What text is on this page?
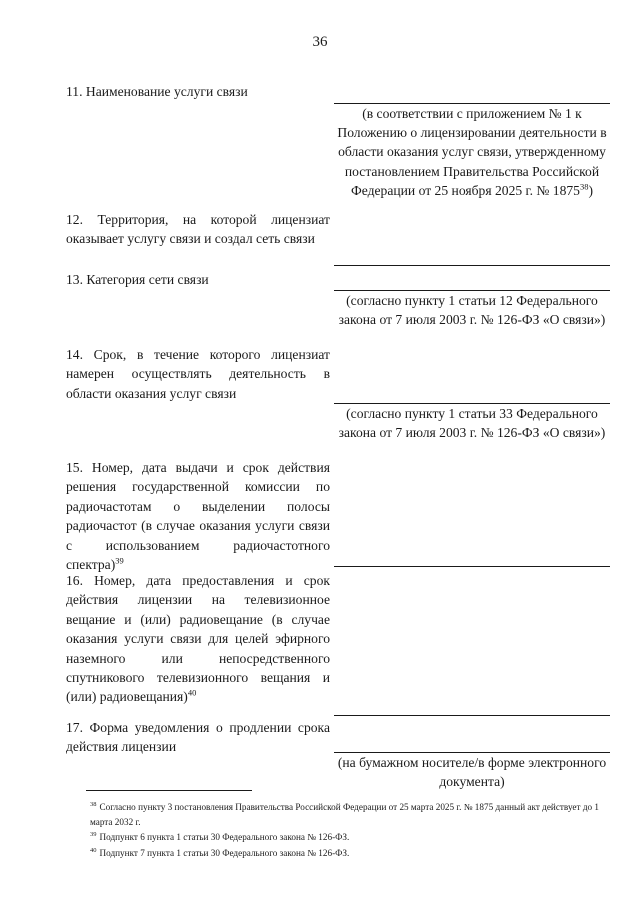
36
11. Наименование услуги связи
(в соответствии с приложением № 1 к Положению о лицензировании деятельности в области оказания услуг связи, утвержденному постановлением Правительства Российской Федерации от 25 ноября 2025 г. № 1875$^{38}$)
12. Территория, на которой лицензиат оказывает услугу связи и создал сеть связи
13. Категория сети связи
(согласно пункту 1 статьи 12 Федерального закона от 7 июля 2003 г. № 126-ФЗ «О связи»)
14. Срок, в течение которого лицензиат намерен осуществлять деятельность в области оказания услуг связи
(согласно пункту 1 статьи 33 Федерального закона от 7 июля 2003 г. № 126-ФЗ «О связи»)
15. Номер, дата выдачи и срок действия решения государственной комиссии по радиочастотам о выделении полосы радиочастот (в случае оказания услуги связи с использованием радиочастотного спектра)$^{39}$
16. Номер, дата предоставления и срок действия лицензии на телевизионное вещание и (или) радиовещание (в случае оказания услуги связи для целей эфирного наземного или непосредственного спутникового телевизионного вещания и (или) радиовещания)$^{40}$
17. Форма уведомления о продлении срока действия лицензии
(на бумажном носителе/в форме электронного документа)
$^{38}$ Согласно пункту 3 постановления Правительства Российской Федерации от 25 марта 2025 г. № 1875 данный акт действует до 1 марта 2032 г.
$^{39}$ Подпункт 6 пункта 1 статьи 30 Федерального закона № 126-ФЗ.
$^{40}$ Подпункт 7 пункта 1 статьи 30 Федерального закона № 126-ФЗ.
